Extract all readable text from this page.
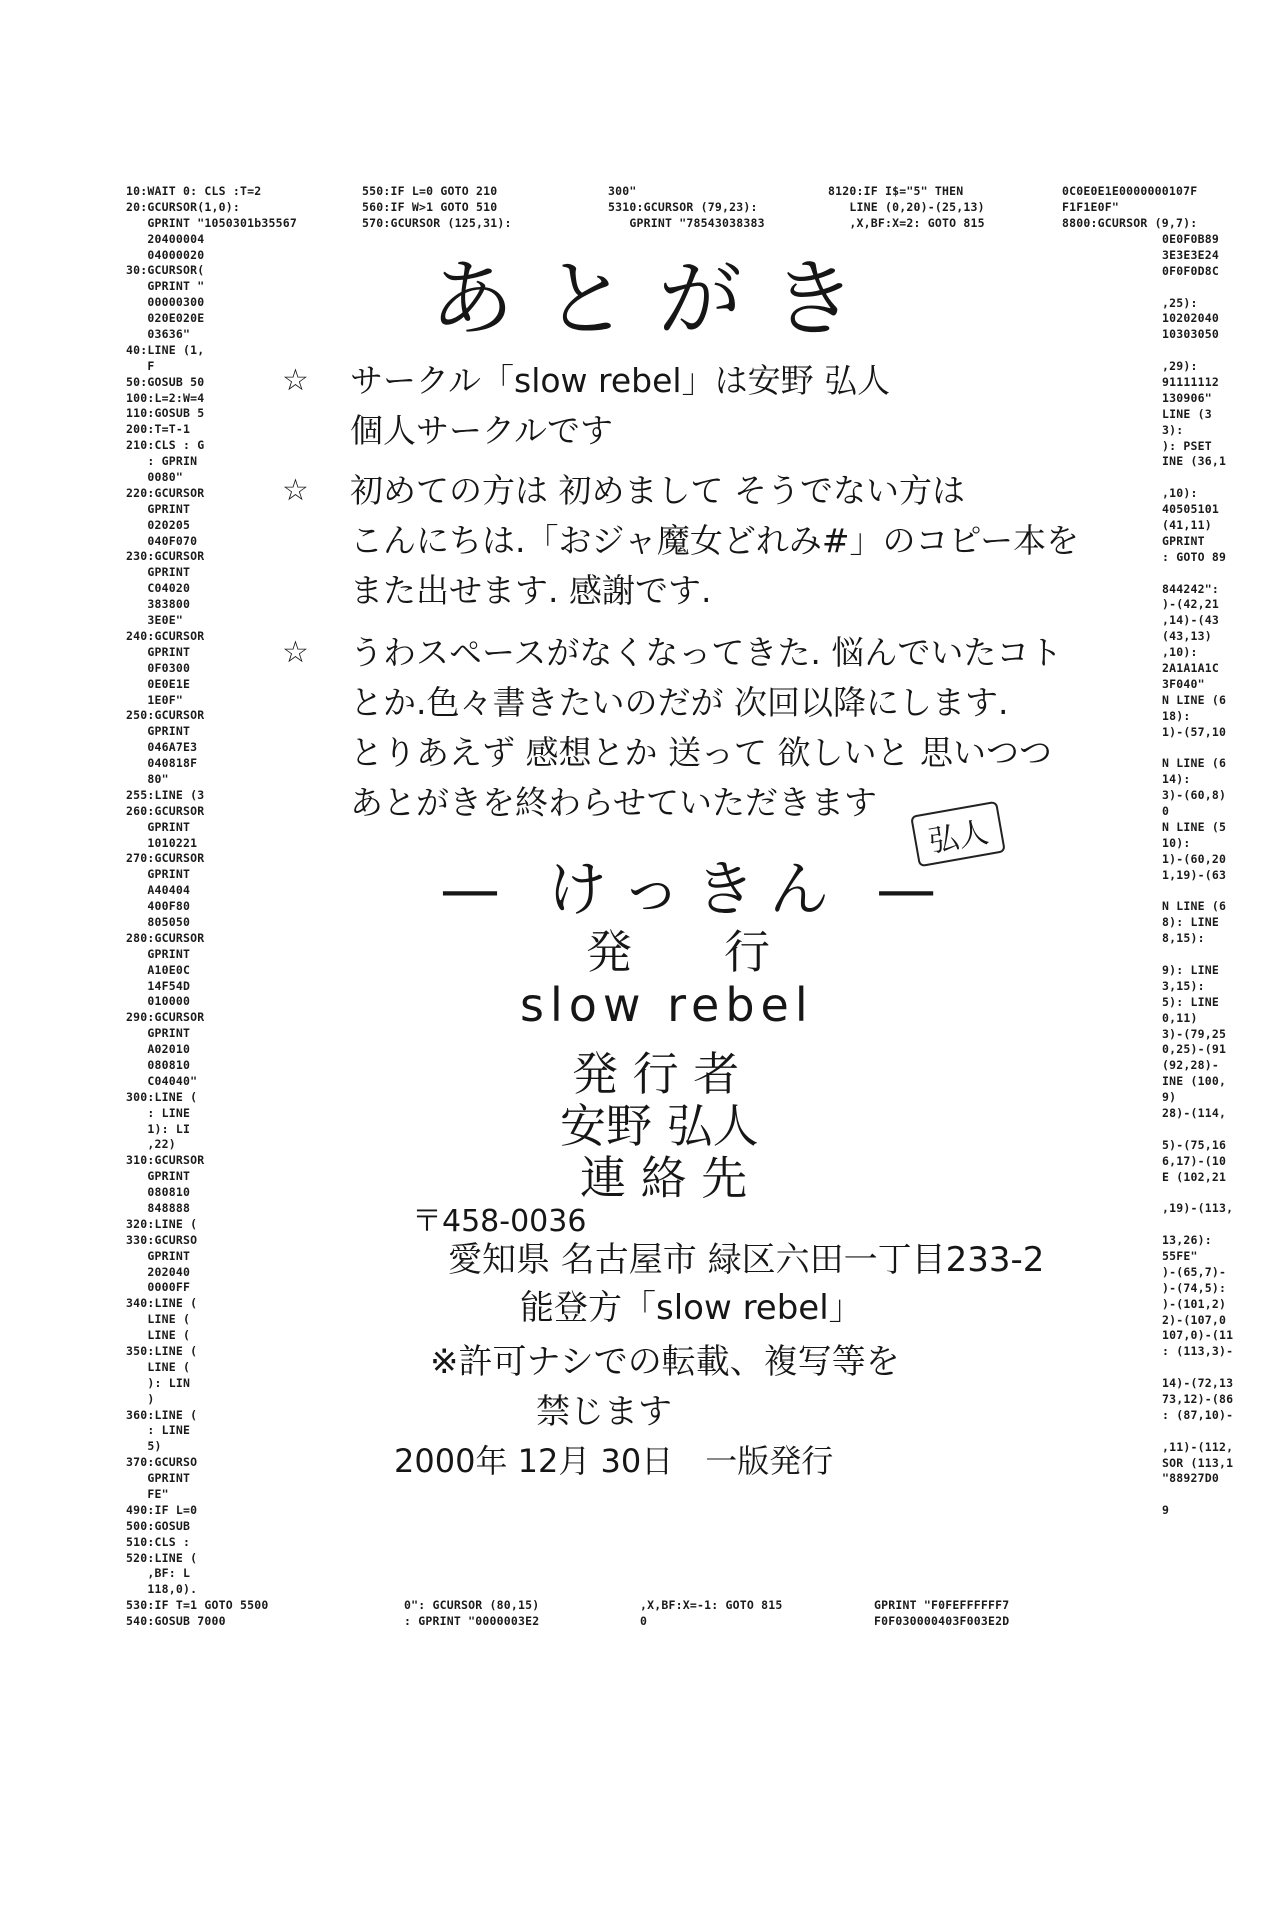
10:WAIT 0: CLS :T=2
20:GCURSOR(1,0):
GPRINT "1050301b35567
20400004
04000020
30:GCURSOR(
GPRINT "
00000300
020E020E
03636"
40:LINE (1,
F
50:GOSUB 50
100:L=2:W=4
110:GOSUB 5
200:T=T-1
210:CLS : G
: GPRIN
0080"
220:GCURSOR
GPRINT
020205
040F070
230:GCURSOR
GPRINT
C04020
383800
3E0E"
240:GCURSOR
GPRINT
0F0300
0E0E1E
1E0F"
250:GCURSOR
GPRINT
046A7E3
040818F
80"
255:LINE (3
260:GCURSOR
GPRINT
1010221
270:GCURSOR
GPRINT
A40404
400F80
805050
280:GCURSOR
GPRINT
A10E0C
14F54D
010000
290:GCURSOR
GPRINT
A02010
080810
C04040"
300:LINE (
: LINE
1): LI
,22)
310:GCURSOR
GPRINT
080810
848888
320:LINE (
330:GCURSO
GPRINT
202040
0000FF
340:LINE (
LINE (
LINE (
350:LINE (
LINE (
): LIN
)
360:LINE (
: LINE
5)
370:GCURSO
GPRINT
FE"
490:IF L=0
500:GOSUB
510:CLS :
520:LINE (
,BF: L
118,0).
530:IF T=1 GOTO 5500
540:GOSUB 7000
550:IF L=0 GOTO 210
560:IF W>1 GOTO 510
570:GCURSOR (125,31):
300"
5310:GCURSOR (79,23):
GPRINT "78543038383
8120:IF I$="5" THEN
LINE (0,20)-(25,13)
,X,BF:X=2: GOTO 815
0C0E0E1E0000000107F
F1F1E0F"
8800:GCURSOR (9,7):
0E0F0B89
3E3E3E24
0F0F0D8C
,25):
10202040
10303050
,29):
91111112
130906"
LINE (3
3):
): PSET
INE (36,1
,10):
40505101
(41,11)
GPRINT
: GOTO 89
844242":
)-(42,21
,14)-(43
(43,13)
,10):
2A1A1A1C
3F040"
N LINE (6
18):
1)-(57,10
N LINE (6
14):
3)-(60,8)
0
N LINE (5
10):
1)-(60,20
1,19)-(63
N LINE (6
8): LINE
8,15):
9): LINE
3,15):
5): LINE
0,11)
3)-(79,25
0,25)-(91
(92,28)-
INE (100,
9)
28)-(114,
5)-(75,16
6,17)-(10
E (102,21
,19)-(113,
13,26):
55FE"
)-(65,7)-
)-(74,5):
)-(101,2)
2)-(107,0
107,0)-(11
: (113,3)-
14)-(72,13
73,12)-(86
: (87,10)-
,11)-(112,
SOR (113,1
"88927D0
9
0": GCURSOR (80,15)
: GPRINT "0000003E2
,X,BF:X=-1: GOTO 815
0
GPRINT "F0FEFFFFFF7
F0F030000403F003E2D
あとがき
☆ サークル「slow rebel」は安野 弘人
個人サークルです
☆ 初めての方は 初めまして そうでない方は
こんにちは.「おジャ魔女どれみ#」のコピー本を
また出せます. 感謝です.
☆ うわスペースがなくなってきた. 悩んでいたコト
とか.色々書きたいのだが 次回以降にします.
とりあえず 感想とか 送って 欲しいと 思いつつ
あとがきを終わらせていただきます
弘人
— けっきん —
発　　行
slow rebel
発 行 者
安野 弘人
連 絡 先
〒458-0036
愛知県 名古屋市 緑区六田一丁目233-2
能登方「slow rebel」
※許可ナシでの転載、複写等を
禁じます
2000年 12月 30日　一版発行
